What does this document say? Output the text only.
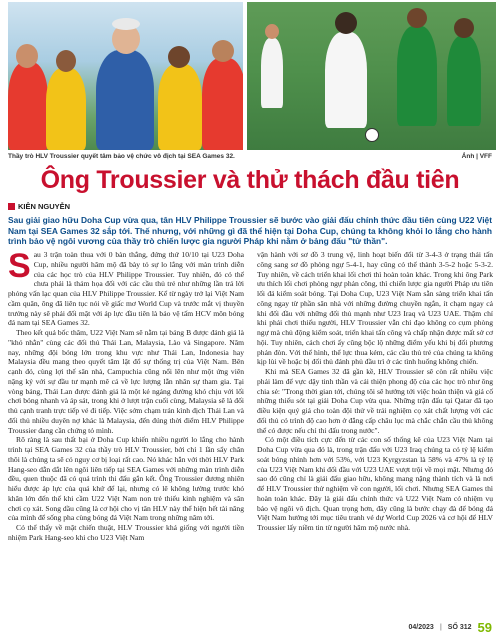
Thầy trò HLV Troussier quyết tâm bảo vệ chức vô địch tại SEA Games 32.	Ảnh | VFF
Ông Troussier và thử thách đầu tiên
KIÊN NGUYỄN

Sau giải giao hữu Doha Cup vừa qua, tân HLV Philippe Troussier sẽ bước vào giải đấu chính thức đầu tiên cùng U22 Việt Nam tại SEA Games 32 sắp tới. Thế nhưng, với những gì đã thể hiện tại Doha Cup, chúng ta không khỏi lo lắng cho hành trình bảo vệ ngôi vương của thầy trò chiến lược gia người Pháp khi nằm ở bảng đấu "tử thần".

Sau 3 trận toàn thua với 0 bàn thắng, đứng thứ 10/10 tại U23 Doha Cup, nhiều người hâm mộ đã bày tỏ sự lo lắng với màn trình diễn của các học trò của HLV Philippe Troussier. Tuy nhiên, đó có thể chưa phải là thảm họa đối với các cầu thủ trẻ như những lần trả lời phỏng vấn lạc quan của HLV Philippe Troussier. Kể từ ngày trở lại Việt Nam cầm quân, ông đã liên tục nói về giấc mơ World Cup và trước mắt vị thuyền trưởng này sẽ phải đối mặt với áp lực đầu tiên là bảo vệ tấm HCV môn bóng đá nam tại SEA Games 32.

Theo kết quả bốc thăm, U22 Việt Nam sẽ nằm tại bảng B được đánh giá là "khó nhằn" cùng các đối thủ Thái Lan, Malaysia, Lào và Singapore. Năm nay, những đội bóng lớn trong khu vực như Thái Lan, Indonesia hay Malaysia đều mang theo quyết tâm lật đổ sự thống trị của Việt Nam. Bên cạnh đó, cùng lợi thế sân nhà, Campuchia cũng nổi lên như một ứng viên nặng ký với sự đầu tư mạnh mẽ cả về lực lượng lẫn nhân sự tham gia. Tại vòng bảng, Thái Lan được đánh giá là một kẻ ngáng đường khó chịu với lối chơi bóng nhanh và áp sát, trong khi ở lượt trận cuối cùng, Malaysia sẽ là đối thủ cạnh tranh trực tiếp vé đi tiếp. Việc sớm chạm trán kình địch Thái Lan và đối thủ nhiều duyên nợ khác là Malaysia, đến đúng thời điểm HLV Philippe Troussier đang cần chứng tỏ mình.

Rõ ràng là sau thất bại ở Doha Cup khiến nhiều người lo lắng cho hành trình tại SEA Games 32 của thầy trò HLV Troussier, bởi chỉ 1 lần sẩy chân thôi là chúng ta sẽ có nguy cơ bị loại rất cao. Nó khác hẳn với thời HLV Park Hang-seo dẫn dắt lên ngôi liên tiếp tại SEA Games với những màn trình diễn đều, quen thuộc đã có quá trình thi đấu gắn kết. Ông Troussier đương nhiên hiểu được áp lực của quá khứ để lại, nhưng có lẽ không lường trước khó khăn lớn đến thế khi cầm U22 Việt Nam non trẻ thiếu kinh nghiệm và sân chơi cọ xát. Song dầu cũng là cơ hội cho vị tân HLV này thể hiện hết tài năng của mình để sống pha cùng bóng đá Việt Nam trong những năm tới.

Có thể thấy về mặt chiến thuật, HLV Troussier khá giống với người tiền nhiệm Park Hang-seo khi cho U23 Việt Nam

vận hành với sơ đồ 3 trung vệ, linh hoạt biến đổi từ 3-4-3 ở trạng thái tấn công sang sơ đồ phòng ngự 5-4-1, hay cũng có thể thành 3-5-2 hoặc 5-3-2. Tuy nhiên, về cách triển khai lối chơi thì hoàn toàn khác. Trong khi ông Park ưu thích lối chơi phòng ngự phản công, thì chiến lược gia người Pháp ưu tiên lối đá kiểm soát bóng. Tại Doha Cup, U23 Việt Nam sẵn sàng triển khai tấn công ngay từ phần sân nhà với những đường chuyền ngắn, ít chạm ngay cả khi đối đầu với những đối thủ mạnh như U23 Iraq và U23 UAE. Thậm chí khi phải chơi thiếu người, HLV Troussier vẫn chỉ đạo không co cụm phòng ngự mà chủ động kiểm soát, triển khai tấn công và chấp nhận được mất sở cơ hội. Tuy nhiên, cách chơi ấy cũng bộc lộ những điểm yếu khi bị đối phương phản đòn. Với thể hình, thể lực thua kém, các cầu thủ trẻ của chúng ta không kịp lùi về hoặc bị đối thủ đánh phủ đầu trì ở các tình huống không chiến.

Khi mà SEA Games 32 đã gần kề, HLV Troussier sẽ còn rất nhiều việc phải làm để vực dậy tinh thần và cải thiện phong độ của các học trò như ông chia sẻ: "Trong thời gian tới, chúng tôi sẽ hướng tới việc hoàn thiện và giá cố những thiếu sót tại giải Doha Cup vừa qua. Những trận đấu tại Qatar đã tạo điều kiện quý giá cho toàn đội thử về trải nghiệm cọ xát chất lượng với các đối thủ có trình độ cao hơn ở đẳng cấp châu lục mà chắc chắn cầu thủ không thể có được nếu chỉ thi đấu trong nước".

Có một điều tích cực đến từ các con số thống kê của U23 Việt Nam tại Doha Cup vừa qua đó là, trong trận đấu với U23 Iraq chúng ta có tỷ lệ kiểm soát bóng nhỉnh hơn với 53%, với U23 Kyrgyzstan là 58% và 47% là tỷ lệ của U23 Việt Nam khi đối đầu với U23 UAE vượt trội về mọi mặt. Nhưng đó sao đó cũng chỉ là giải đấu giao hữu, không mang nặng thành tích và là nơi để HLV Troussier thử nghiệm về con người, lối chơi. Nhưng SEA Games thì hoàn toàn khác. Đây là giải đấu chính thức và U22 Việt Nam có nhiệm vụ bảo vệ ngôi vô địch. Quan trọng hơn, đây cũng là bước chạy đà để bóng đá Việt Nam hướng tới mục tiêu tranh vé dự World Cup 2026 và cơ hội để HLV Troussier lấy niềm tin từ người hâm mộ nước nhà.

04/2023 | SỐ 312 59
